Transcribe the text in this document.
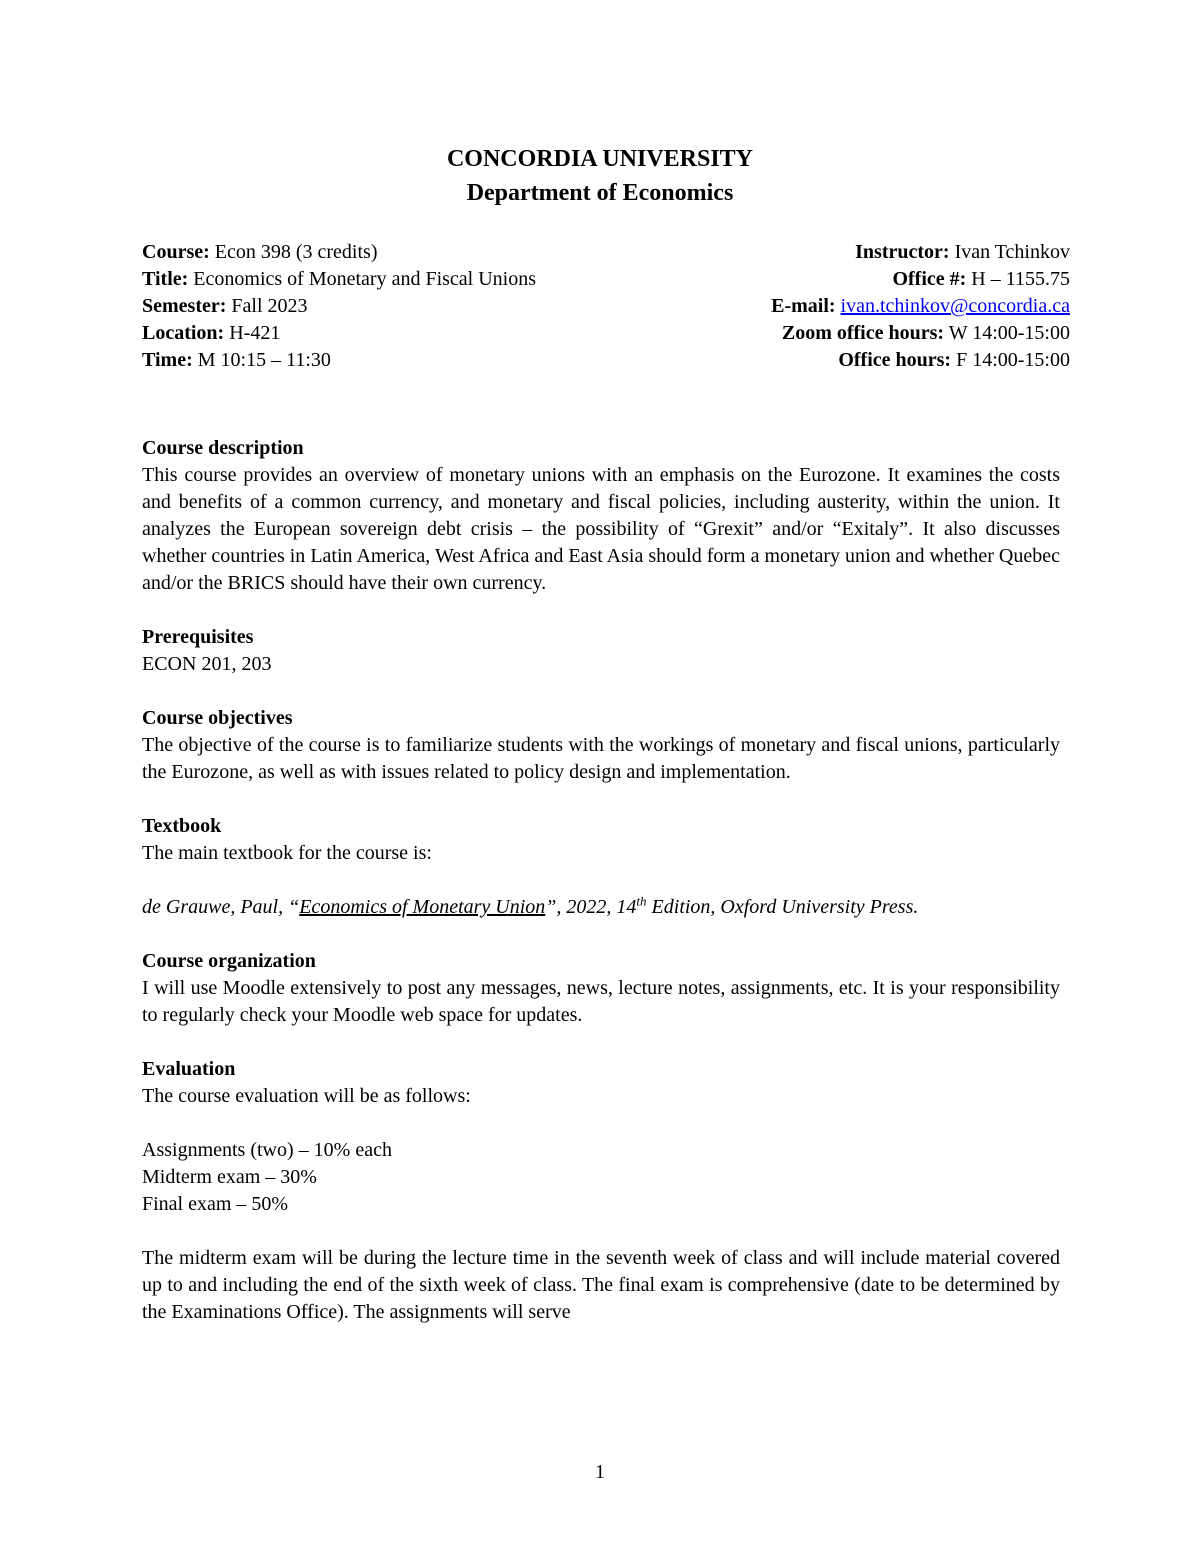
CONCORDIA UNIVERSITY
Department of Economics
Course: Econ 398 (3 credits)	Instructor: Ivan Tchinkov
Title: Economics of Monetary and Fiscal Unions	Office #: H – 1155.75
Semester: Fall 2023	E-mail: ivan.tchinkov@concordia.ca
Location: H-421	Zoom office hours: W 14:00-15:00
Time: M 10:15 – 11:30	Office hours: F 14:00-15:00
Course description
This course provides an overview of monetary unions with an emphasis on the Eurozone. It examines the costs and benefits of a common currency, and monetary and fiscal policies, including austerity, within the union. It analyzes the European sovereign debt crisis – the possibility of “Grexit” and/or “Exitaly”. It also discusses whether countries in Latin America, West Africa and East Asia should form a monetary union and whether Quebec and/or the BRICS should have their own currency.
Prerequisites
ECON 201, 203
Course objectives
The objective of the course is to familiarize students with the workings of monetary and fiscal unions, particularly the Eurozone, as well as with issues related to policy design and implementation.
Textbook
The main textbook for the course is:
de Grauwe, Paul, “Economics of Monetary Union”, 2022, 14th Edition, Oxford University Press.
Course organization
I will use Moodle extensively to post any messages, news, lecture notes, assignments, etc. It is your responsibility to regularly check your Moodle web space for updates.
Evaluation
The course evaluation will be as follows:
Assignments (two) – 10% each
Midterm exam – 30%
Final exam – 50%
The midterm exam will be during the lecture time in the seventh week of class and will include material covered up to and including the end of the sixth week of class. The final exam is comprehensive (date to be determined by the Examinations Office). The assignments will serve
1
